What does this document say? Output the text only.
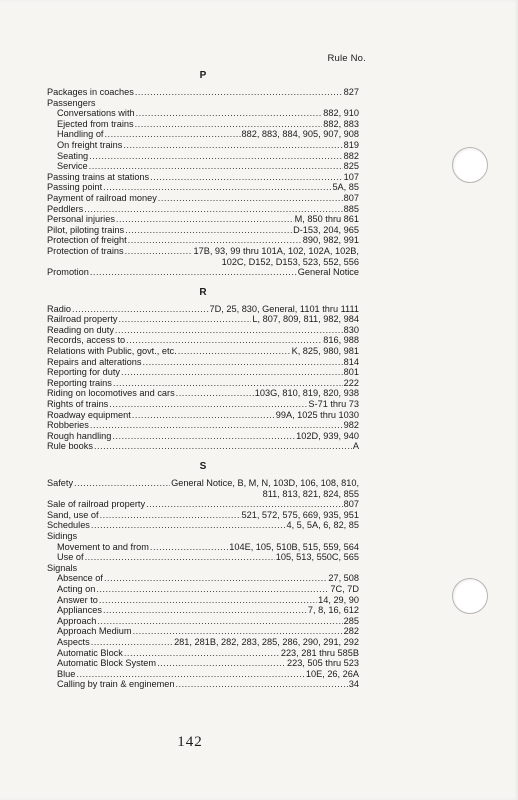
Rule No.
P
Packages in coaches .....	827
Passengers
Conversations with .....	882, 910
Ejected from trains .....	882, 883
Handling of .....	882, 883, 884, 905, 907, 908
On freight trains .....	819
Seating .....	882
Service .....	825
Passing trains at stations .....	107
Passing point .....	5A, 85
Payment of railroad money .....	807
Peddlers .....	885
Personal injuries .....	M, 850 thru 861
Pilot, piloting trains .....	D-153, 204, 965
Protection of freight .....	890, 982, 991
Protection of trains .....	17B, 93, 99 thru 101A, 102, 102A, 102B,
102C, D152, D153, 523, 552, 556
Promotion .....	General Notice
R
Radio .....	7D, 25, 830, General, 1101 thru 1111
Railroad property .....	L, 807, 809, 811, 982, 984
Reading on duty .....	830
Records, access to .....	816, 988
Relations with Public, govt., etc. .....	K, 825, 980, 981
Repairs and alterations .....	814
Reporting for duty .....	801
Reporting trains .....	222
Riding on locomotives and cars .....	103G, 810, 819, 820, 938
Rights of trains .....	S-71 thru 73
Roadway equipment .....	99A, 1025 thru 1030
Robberies .....	982
Rough handling .....	102D, 939, 940
Rule books .....	A
S
Safety .....	General Notice, B, M, N, 103D, 106, 108, 810,
811, 813, 821, 824, 855
Sale of railroad property .....	807
Sand, use of .....	521, 572, 575, 669, 935, 951
Schedules .....	4, 5, 5A, 6, 82, 85
Sidings
Movement to and from .....	104E, 105, 510B, 515, 559, 564
Use of .....	105, 513, 550C, 565
Signals
Absence of .....	27, 508
Acting on .....	7C, 7D
Answer to .....	14, 29, 90
Appliances .....	7, 8, 16, 612
Approach .....	285
Approach Medium .....	282
Aspects .....	281, 281B, 282, 283, 285, 286, 290, 291, 292
Automatic Block .....	223, 281 thru 585B
Automatic Block System .....	223, 505 thru 523
Blue .....	10E, 26, 26A
Calling by train & enginemen .....	34
142
